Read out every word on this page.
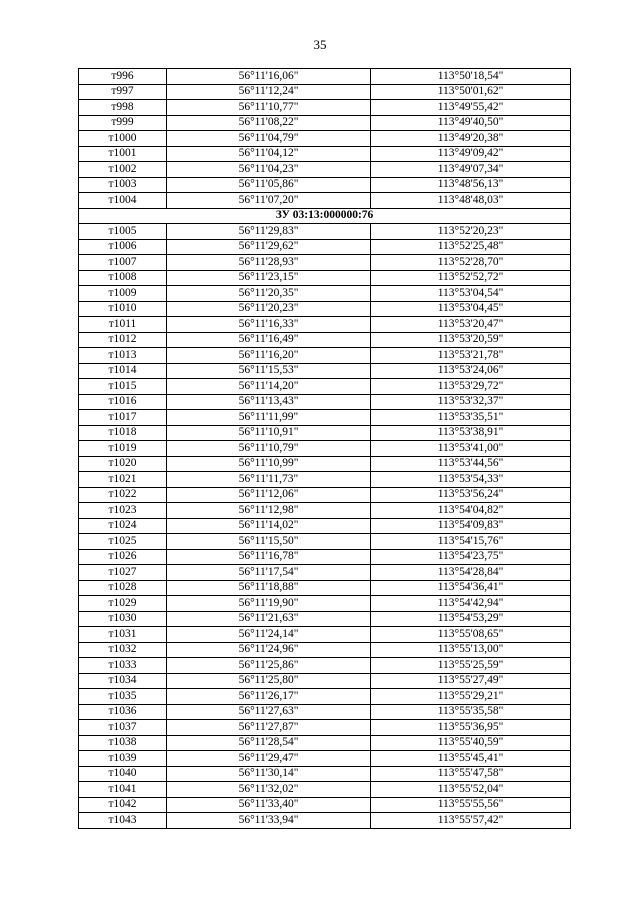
35
т996	56°11'16,06"	113°50'18,54"
т997	56°11'12,24"	113°50'01,62"
т998	56°11'10,77"	113°49'55,42"
т999	56°11'08,22"	113°49'40,50"
т1000	56°11'04,79"	113°49'20,38"
т1001	56°11'04,12"	113°49'09,42"
т1002	56°11'04,23"	113°49'07,34"
т1003	56°11'05,86"	113°48'56,13"
т1004	56°11'07,20"	113°48'48,03"
ЗУ 03:13:000000:76		
т1005	56°11'29,83"	113°52'20,23"
т1006	56°11'29,62"	113°52'25,48"
т1007	56°11'28,93"	113°52'28,70"
т1008	56°11'23,15"	113°52'52,72"
т1009	56°11'20,35"	113°53'04,54"
т1010	56°11'20,23"	113°53'04,45"
т1011	56°11'16,33"	113°53'20,47"
т1012	56°11'16,49"	113°53'20,59"
т1013	56°11'16,20"	113°53'21,78"
т1014	56°11'15,53"	113°53'24,06"
т1015	56°11'14,20"	113°53'29,72"
т1016	56°11'13,43"	113°53'32,37"
т1017	56°11'11,99"	113°53'35,51"
т1018	56°11'10,91"	113°53'38,91"
т1019	56°11'10,79"	113°53'41,00"
т1020	56°11'10,99"	113°53'44,56"
т1021	56°11'11,73"	113°53'54,33"
т1022	56°11'12,06"	113°53'56,24"
т1023	56°11'12,98"	113°54'04,82"
т1024	56°11'14,02"	113°54'09,83"
т1025	56°11'15,50"	113°54'15,76"
т1026	56°11'16,78"	113°54'23,75"
т1027	56°11'17,54"	113°54'28,84"
т1028	56°11'18,88"	113°54'36,41"
т1029	56°11'19,90"	113°54'42,94"
т1030	56°11'21,63"	113°54'53,29"
т1031	56°11'24,14"	113°55'08,65"
т1032	56°11'24,96"	113°55'13,00"
т1033	56°11'25,86"	113°55'25,59"
т1034	56°11'25,80"	113°55'27,49"
т1035	56°11'26,17"	113°55'29,21"
т1036	56°11'27,63"	113°55'35,58"
т1037	56°11'27,87"	113°55'36,95"
т1038	56°11'28,54"	113°55'40,59"
т1039	56°11'29,47"	113°55'45,41"
т1040	56°11'30,14"	113°55'47,58"
т1041	56°11'32,02"	113°55'52,04"
т1042	56°11'33,40"	113°55'55,56"
т1043	56°11'33,94"	113°55'57,42"
